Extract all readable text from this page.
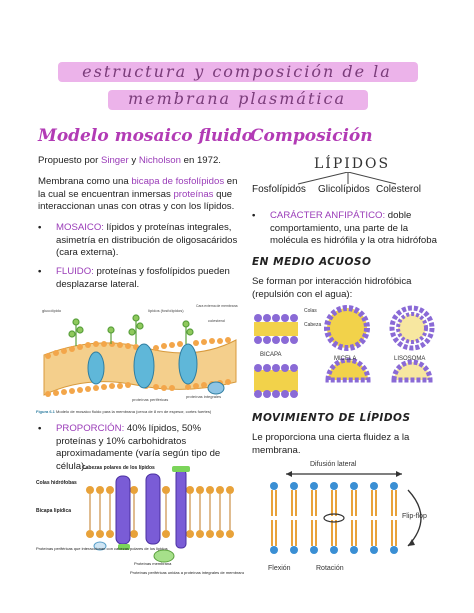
estructura y composición de la
membrana plasmática
Modelo mosaico fluido
Propuesto por Singer y Nicholson en 1972.
Membrana como una bicapa de fosfolípidos en la cual se encuentran inmersas proteínas que interaccionan unas con otras y con los lípidos.
•	MOSAICO: lípidos y proteínas integrales, asimetría en distribución de oligosacáridos (cara externa).
•	FLUIDO: proteínas y fosfolípidos pueden desplazarse lateral.
Cara externa de membrana
glucolípido
colesterol
lípidos (fosfolípidos)
proteínas periféricas
proteínas integrales
Figura 6.1 Modelo de mosaico fluido para la membrana (cerca de 8 nm de espesor, cortes fuertes)
•	PROPORCIÓN: 40% lípidos, 50% proteínas y 10% carbohidratos aproximadamente (varía según tipo de célula).
Cabezas polares de los lípidos
Colas hidrófobas
Bicapa lipídica
Proteínas periféricas que interaccionan con cabezas polares de los lípidos
Proteínas membrana
Proteínas periféricas unidas a proteínas integrales de membrana
Composición
LÍPIDOS
Fosfolípidos Glicolípidos Colesterol
•	CARÁCTER ANFIPÁTICO: doble comportamiento, una parte de la molécula es hidrófila y la otra hidrófoba
EN MEDIO ACUOSO
Se forman por interacción hidrofóbica (repulsión con el agua):
Colas
Cabeza
BICAPA
MICELA	LISOSOMA
MOVIMIENTO DE LÍPIDOS
Le proporciona una cierta fluidez a la membrana.
Difusión lateral
Flip-flop
Flexión	Rotación
